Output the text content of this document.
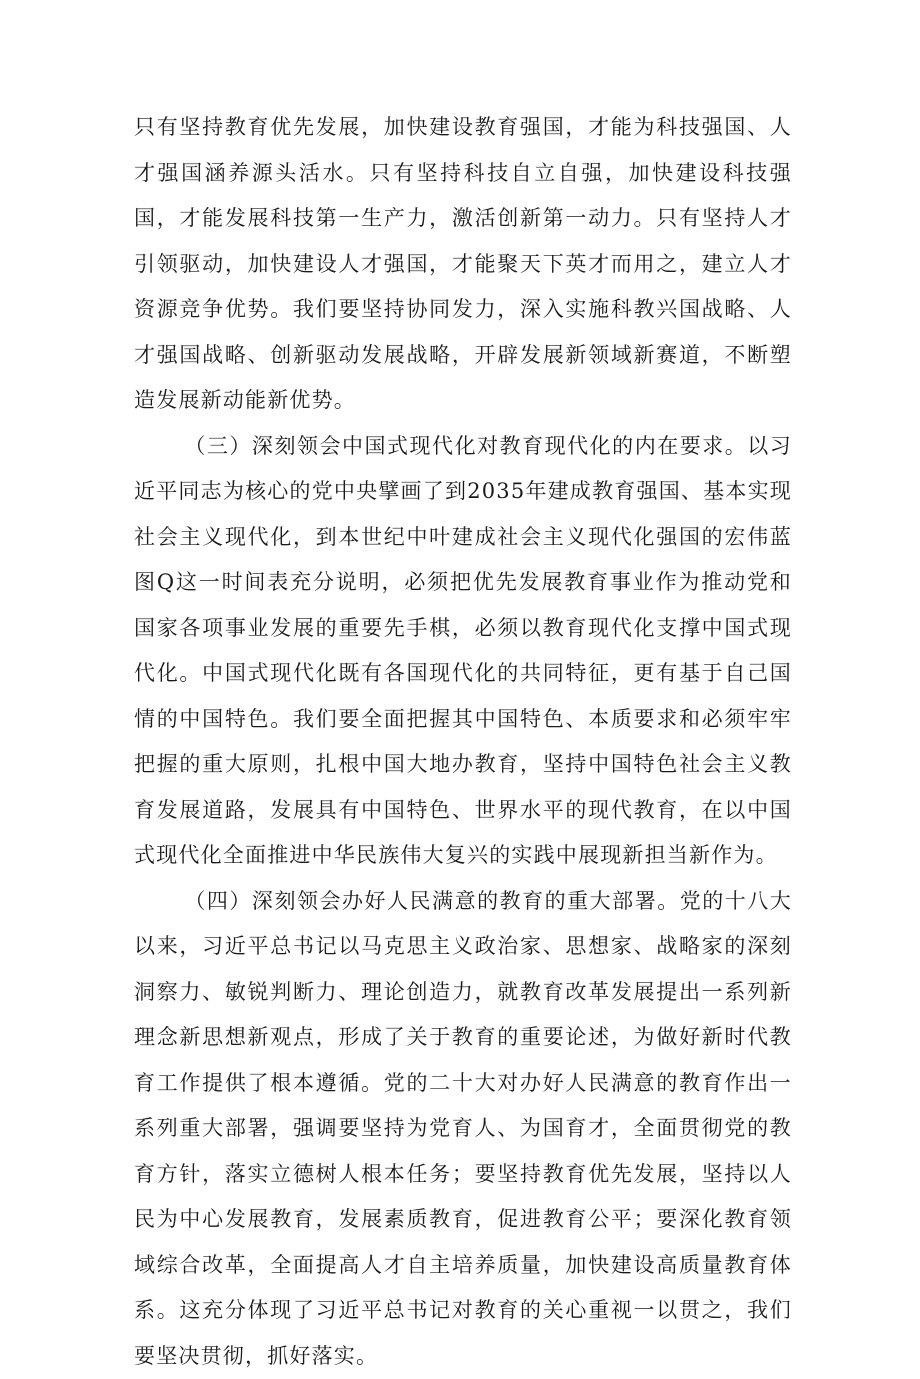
只有坚持教育优先发展，加快建设教育强国，才能为科技强国、人才强国涵养源头活水。只有坚持科技自立自强，加快建设科技强国，才能发展科技第一生产力，激活创新第一动力。只有坚持人才引领驱动，加快建设人才强国，才能聚天下英才而用之，建立人才资源竞争优势。我们要坚持协同发力，深入实施科教兴国战略、人才强国战略、创新驱动发展战略，开辟发展新领域新赛道，不断塑造发展新动能新优势。

（三）深刻领会中国式现代化对教育现代化的内在要求。以习近平同志为核心的党中央擘画了到2035年建成教育强国、基本实现社会主义现代化，到本世纪中叶建成社会主义现代化强国的宏伟蓝图Q这一时间表充分说明，必须把优先发展教育事业作为推动党和国家各项事业发展的重要先手棋，必须以教育现代化支撑中国式现代化。中国式现代化既有各国现代化的共同特征，更有基于自己国情的中国特色。我们要全面把握其中国特色、本质要求和必须牢牢把握的重大原则，扎根中国大地办教育，坚持中国特色社会主义教育发展道路，发展具有中国特色、世界水平的现代教育，在以中国式现代化全面推进中华民族伟大复兴的实践中展现新担当新作为。

（四）深刻领会办好人民满意的教育的重大部署。党的十八大以来，习近平总书记以马克思主义政治家、思想家、战略家的深刻洞察力、敏锐判断力、理论创造力，就教育改革发展提出一系列新理念新思想新观点，形成了关于教育的重要论述，为做好新时代教育工作提供了根本遵循。党的二十大对办好人民满意的教育作出一系列重大部署，强调要坚持为党育人、为国育才，全面贯彻党的教育方针，落实立德树人根本任务；要坚持教育优先发展，坚持以人民为中心发展教育，发展素质教育，促进教育公平；要深化教育领域综合改革，全面提高人才自主培养质量，加快建设高质量教育体系。这充分体现了习近平总书记对教育的关心重视一以贯之，我们要坚决贯彻，抓好落实。
